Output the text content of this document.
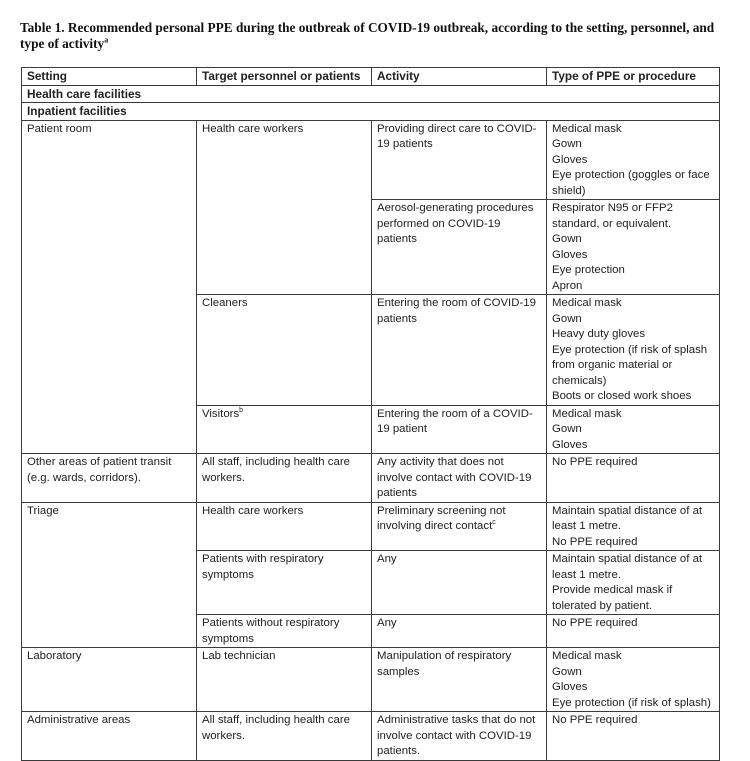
Table 1. Recommended personal PPE during the outbreak of COVID-19 outbreak, according to the setting, personnel, and type of activity$^a$
Setting	Target personnel or patients	Activity	Type of PPE or procedure
Health care facilities			
Inpatient facilities			
Patient room	Health care workers	Providing direct care to COVID-19 patients	Medical mask
Gown
Gloves
Eye protection (goggles or face shield)

		Aerosol-generating procedures performed on COVID-19 patients	Respirator N95 or FFP2 standard, or equivalent.
Gown
Gloves
Eye protection
Apron

	Cleaners	Entering the room of COVID-19 patients	Medical mask
Gown
Heavy duty gloves
Eye protection (if risk of splash from organic material or chemicals)
Boots or closed work shoes

	Visitors$^b$	Entering the room of a COVID-19 patient	Medical mask
Gown
Gloves

Other areas of patient transit (e.g. wards, corridors).	All staff, including health care workers.	Any activity that does not involve contact with COVID-19 patients	No PPE required
Triage	Health care workers	Preliminary screening not involving direct contact$^c$	Maintain spatial distance of at least 1 metre.
No PPE required

	Patients with respiratory symptoms	Any	Maintain spatial distance of at least 1 metre.
Provide medical mask if tolerated by patient.

	Patients without respiratory symptoms	Any	No PPE required
Laboratory	Lab technician	Manipulation of respiratory samples	Medical mask
Gown
Gloves
Eye protection (if risk of splash)

Administrative areas	All staff, including health care workers.	Administrative tasks that do not involve contact with COVID-19 patients.	No PPE required
